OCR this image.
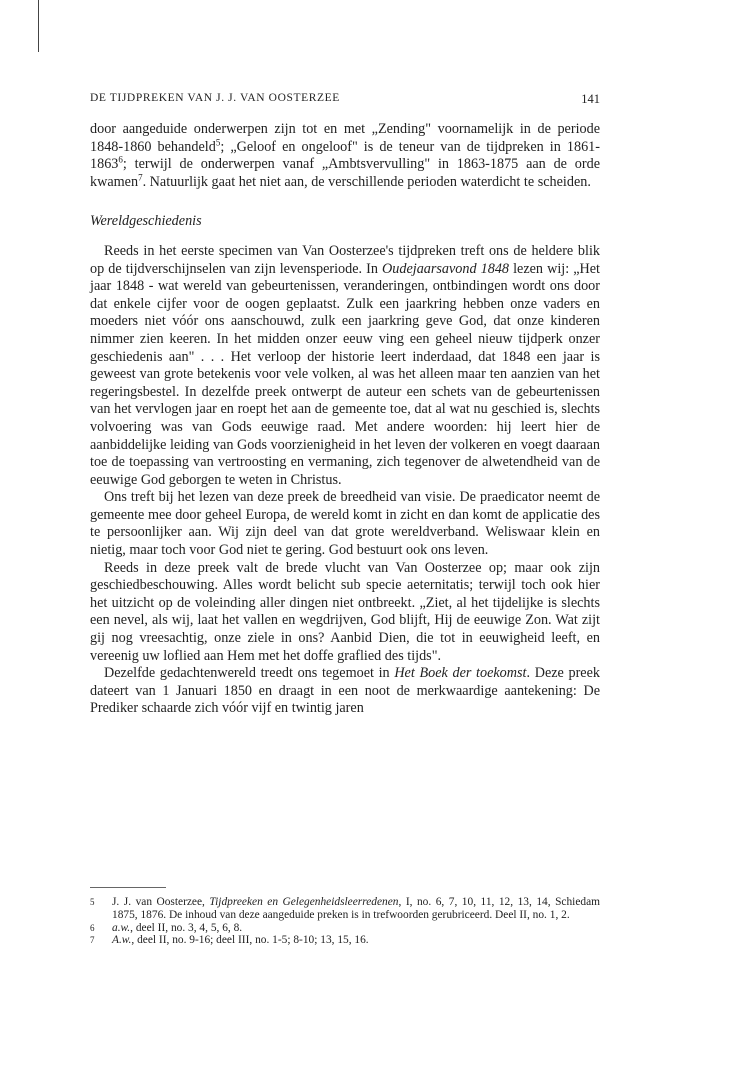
DE TIJDPREKEN VAN J. J. VAN OOSTERZEE	141

door aangeduide onderwerpen zijn tot en met „Zending" voornamelijk in de periode 1848-1860 behandeld$^5$; „Geloof en ongeloof" is de teneur van de tijdpreken in 1861-1863$^6$; terwijl de onderwerpen vanaf „Ambtsvervulling" in 1863-1875 aan de orde kwamen$^7$. Natuurlijk gaat het niet aan, de verschillende perioden waterdicht te scheiden.

Wereldgeschiedenis

Reeds in het eerste specimen van Van Oosterzee's tijdpreken treft ons de heldere blik op de tijdverschijnselen van zijn levensperiode. In Oudejaarsavond 1848 lezen wij: „Het jaar 1848 - wat wereld van gebeurtenissen, veranderingen, ontbindingen wordt ons door dat enkele cijfer voor de oogen geplaatst. Zulk een jaarkring hebben onze vaders en moeders niet vóór ons aanschouwd, zulk een jaarkring geve God, dat onze kinderen nimmer zien keeren. In het midden onzer eeuw ving een geheel nieuw tijdperk onzer geschiedenis aan" . . . Het verloop der historie leert inderdaad, dat 1848 een jaar is geweest van grote betekenis voor vele volken, al was het alleen maar ten aanzien van het regeringsbestel. In dezelfde preek ontwerpt de auteur een schets van de gebeurtenissen van het vervlogen jaar en roept het aan de gemeente toe, dat al wat nu geschied is, slechts volvoering was van Gods eeuwige raad. Met andere woorden: hij leert hier de aanbiddelijke leiding van Gods voorzienigheid in het leven der volkeren en voegt daaraan toe de toepassing van vertroosting en vermaning, zich tegenover de alwetendheid van de eeuwige God geborgen te weten in Christus.

Ons treft bij het lezen van deze preek de breedheid van visie. De praedicator neemt de gemeente mee door geheel Europa, de wereld komt in zicht en dan komt de applicatie des te persoonlijker aan. Wij zijn deel van dat grote wereldverband. Weliswaar klein en nietig, maar toch voor God niet te gering. God bestuurt ook ons leven.

Reeds in deze preek valt de brede vlucht van Van Oosterzee op; maar ook zijn geschiedbeschouwing. Alles wordt belicht sub specie aeternitatis; terwijl toch ook hier het uitzicht op de voleinding aller dingen niet ontbreekt. „Ziet, al het tijdelijke is slechts een nevel, als wij, laat het vallen en wegdrijven, God blijft, Hij de eeuwige Zon. Wat zijt gij nog vreesachtig, onze ziele in ons? Aanbid Dien, die tot in eeuwigheid leeft, en vereenig uw loflied aan Hem met het doffe graflied des tijds".

Dezelfde gedachtenwereld treedt ons tegemoet in Het Boek der toekomst. Deze preek dateert van 1 Januari 1850 en draagt in een noot de merkwaardige aantekening: De Prediker schaarde zich vóór vijf en twintig jaren

5	J. J. van Oosterzee, Tijdpreeken en Gelegenheidsleerredenen, I, no. 6, 7, 10, 11, 12, 13, 14, Schiedam 1875, 1876. De inhoud van deze aangeduide preken is in trefwoorden gerubriceerd. Deel II, no. 1, 2.
6	a.w., deel II, no. 3, 4, 5, 6, 8.
7	A.w., deel II, no. 9-16; deel III, no. 1-5; 8-10; 13, 15, 16.
